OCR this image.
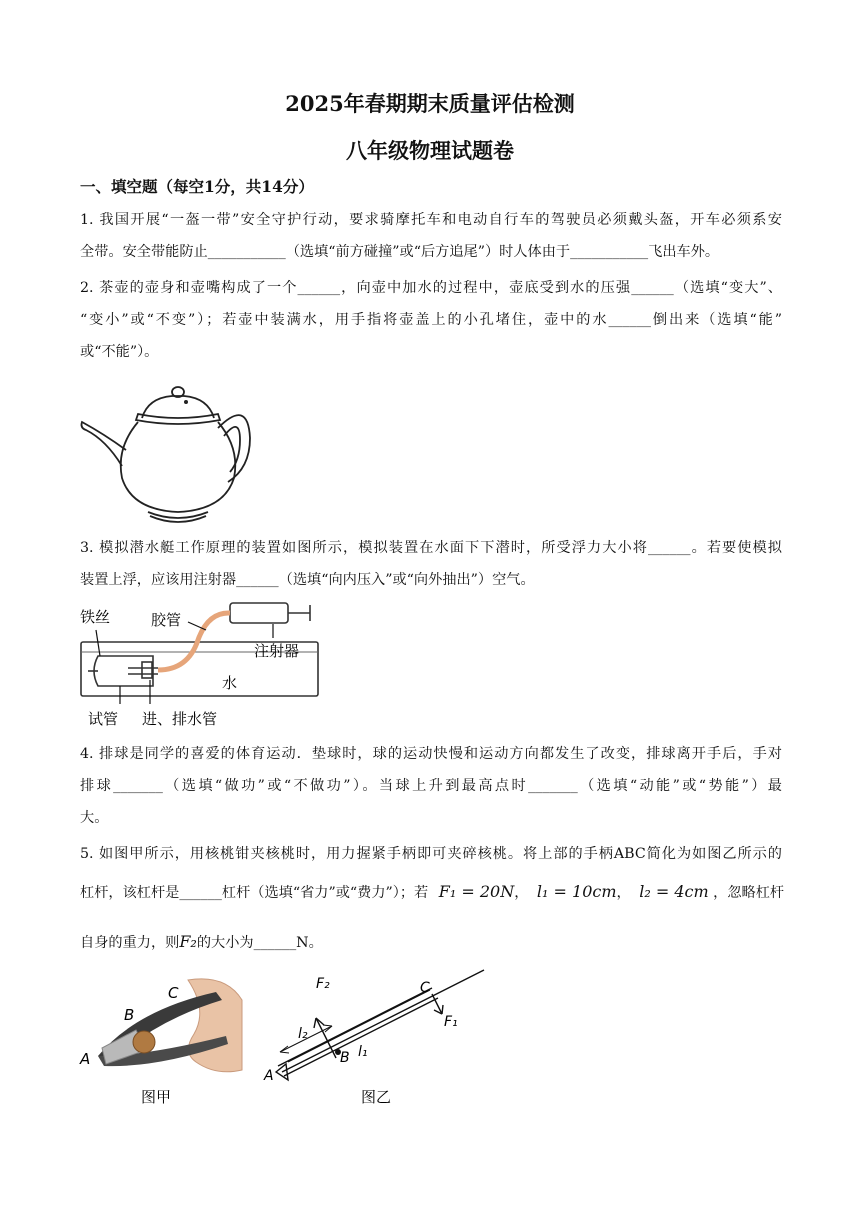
2025年春期期末质量评估检测
八年级物理试题卷
一、填空题（每空1分，共14分）
1. 我国开展“一盔一带”安全守护行动，要求骑摩托车和电动自行车的驾驶员必须戴头盔，开车必须系安
全带。安全带能防止___________（选填“前方碰撞”或“后方追尾”）时人体由于___________飞出车外。
2. 茶壶的壶身和壶嘴构成了一个______，向壶中加水的过程中，壶底受到水的压强______（选填“变大”、
“变小”或“不变”）；若壶中装满水，用手指将壶盖上的小孔堵住，壶中的水______倒出来（选填“能”
或“不能”）。
3. 模拟潜水艇工作原理的装置如图所示，模拟装置在水面下下潜时，所受浮力大小将______。若要使模拟
装置上浮，应该用注射器______（选填“向内压入”或“向外抽出”）空气。
铁丝	胶管
注射器
水
试管 进、排水管
4. 排球是同学的喜爱的体育运动．垫球时，球的运动快慢和运动方向都发生了改变，排球离开手后，手对
排球_______（选填“做功”或“不做功”）。当球上升到最高点时_______（选填“动能”或“势能”）最
大。
5. 如图甲所示，用核桃钳夹核桃时，用力握紧手柄即可夹碎核桃。将上部的手柄ABC简化为如图乙所示的
杠杆，该杠杆是______杠杆（选填“省力”或“费力”）；若 F₁ = 20N， l₁ = 10cm， l₂ = 4cm ，忽略杠杆
自身的重力，则F₂的大小为______N。
C
B
A
图甲
F₂
B
C
F₁
l₂
l₁
A
图乙
